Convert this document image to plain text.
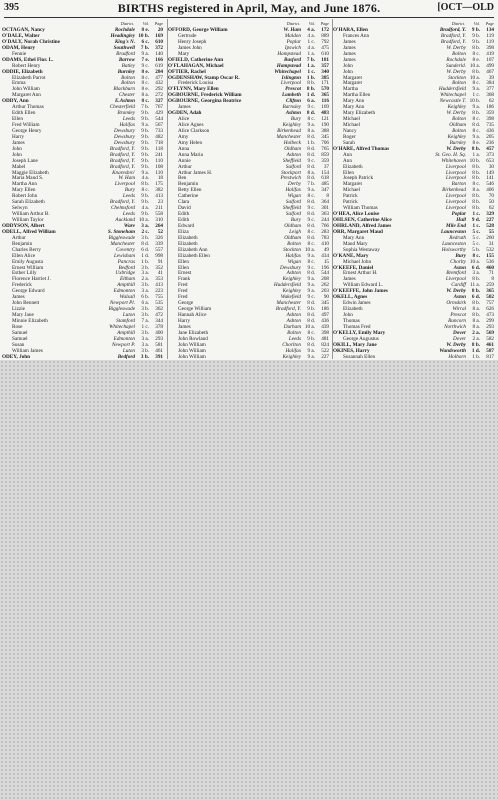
395	BIRTHS registered in April, May, and June 1876.	[OCT—OLD
District. Vol. Page
OCTAGAN, Nancy	Rochdale	8 e.	20
O'DALE, Walter	Headingley 10 b.	169
O'DALY, Norah Christine	King's N.	6 c.	610
ODAM, Henry	Southwell	7 b.	372
Fennie	Bradford	9 a.	140
ODAMS, Ethel Flor. L.	Barrow	7 e.	166
Robert Henry	Batley	9 c.	619
ODDIE, Elizabeth	Burnley	8 e.	284
Elizabeth Parrot	Bolton	8 c.	477
Emma	Bolton	8 c.	432
John William	Blackburn	8 e.	292
Margaret Ann	Chester	8 a.	272
ODDY, Ann	E.Ashton	8 c.	327
Arthur Thomas	Chesterfield	7 b.	767
Edith Ellen	Bramley	9 b.	429
Ellen	Leeds	9 b.	544
Fred William	Halifax	9 a.	567
George Henry	Dewsbury	9 b.	733
Harry	Dewsbury	9 b.	482
James	Dewsbury	9 b.	718
John	Bradford, Y.	9 b.	118
John	Bradford, Y.	9 b.	241
Joseph Lane	Bradford, Y.	9 b.	110
Mabel	Bradford, Y.	9 b.	108
Maggie Elizabeth	Knaresbro'	9 a.	110
Maria Maud S.	W. Ham	4 a.	18
Martha Ann	Liverpool	8 b.	175
Mary Ellen	Bury	8 c.	382
Robert John	Leeds	9 b.	413
Sarah Elizabeth	Bradford, Y.	9 b.	23
Selwyn	Chelmsford	4 a.	211
William Arthur B.	Leeds	9 b.	558
William Taylor	Auckland 10 a.	310
ODDYSON, Albert	Ware	3 a.	264
ODELL, Alfred William	S. Stoneham	2 c.	52
Arthur	Biggleswade	3 b.	326
Benjamin	Manchester	8 d.	339
Charles Berry	Coventry	6 d.	557
Ellen Alice	Lewisham	1 d.	998
Emily Augusta	Pancras	1 b.	91
Ernest William	Bedford	3 b.	352
Esther Lilly	Uxbridge	3 a.	41
Florence Harriet J.	Eltham	2 a.	353
Frederick	Ampthill	3 b.	413
George Edward	Edmonton	3 a.	223
James	Walsall	6 b.	755
John Bennett	Newport Pl.	6 a.	535
Lizzie	Biggleswade	3 b.	362
Mary Jane	Luton	3 b.	472
Minnie Elizabeth	Stamford	7 a.	344
Rose	Whitechapel	1 c.	378
Samuel	Ampthill	3 b.	400
Samuel	Edmonton	3 a.	293
Susan	Newport P.	3 a.	581
William James	Luton	3 b.	461
ODEY, John	Bedford	3 b.	391
District. Vol. Page
OFFORD, George William	W. Ham	4 a.	172
Gertrude	Maldon	4 a.	889
Henry Joseph	Poplar	1 c.	792
James John	Ipswich	4 a.	475
Mary	Hampstead	1 a.	610
OFIELD, Catherine Ann	Basford	7 b.	181
O'FLAHAGAN, Michael	Hampstead	1 a.	357
OFTIER, Rachel	Whitechapel	1 c.	340
OGDENSHAW, Stamp Oscar R.	Islington	1 b.	385
Frederick Louisa	Liverpool	8 b.	171
O'FLYNN, Mary Ellen	Prescot	8 b.	570
OGBOURNE, Frederick William	Lambeth	1 d.	365
OGBOURNE, Georgina Beatrice	Clifton	6 a.	116
James	Barnsley	9 c.	169
OGDEN, Adah	Ashton	8 d.	483
Alice	Bury	8 c.	121
Alice Agnes	Keighley	9 a.	190
Alice Clarkson	Birkenhead	8 a.	388
Amy	Manchester	8 d.	345
Amy Helen	Holbeck	1 b.	706
Anna	Oldham	8 d.	765
Anna Maria	Ashton	8 d.	859
Annie	Sheffield	9 c.	359
Arthur	Salford	8 d.	37
Arthur James H.	Stockport	8 a.	154
Ben	Prestwich	8 d.	618
Benjamin	Derby	7 b.	485
Betty Ellen	Halifax	9 a.	347
Catherine	Wigan	8 c.	8
Clara	Salford	8 d.	364
David	Sheffield	9 c.	301
Edith	Salford	8 d.	363
Edith	Bury	9 c.	244
Edward	Oldham	8 d.	766
Eliza	Leigh	8 c.	283
Elizabeth	Oldham	8 d.	783
Elizabeth	Bolton	8 c.	410
Elizabeth Ann	Stockton 10 a.	49
Elizabeth Ellen	Halifax	9 a.	434
Ellen	Wigan	8 c.	15
Ellen	Dewsbury	9 c.	196
Ernest	Ashton	8 d.	544
Frank	Keighley	9 a.	208
Fred	Huddersfield	9 a.	262
Fred	Keighley	9 a.	203
Fred	Wakefield	9 c.	90
George	Manchester	8 d.	345
George William	Bradford, Y.	9 b.	186
Hannah Alice	Ashton	8 d.	497
Harry	Ashton	8 d.	436
James	Durham 10 a.	439
Jane Elizabeth	Bolton	8 c.	398
John Rowland	Leeds	9 b.	481
John William	Chorlton	8 d.	824
John William	Halifax	9 a.	522
John William	Keighley	9 a.	227
District. Vol. Page
O'HARA, Ellen	Bradford, Y.	9 b.	134
Frances Ann	Bradford, Y.	9 b.	119
James	Bradford, Y.	9 b.	119
James	W. Derby	8 b.	398
James	Bolton	8 c.	419
James	Rochdale	8 e.	107
John	Sunderld. 10 a.	499
John	W. Derby	8 b.	467
Margaret	Stockton 10 a.	39
Margaret	Bolton	8 c.	384
Martha	Huddersfield	9 a.	377
Martha Ellen	Whitechapel	1 c.	368
Mary Ann	Newcastle T. 10 b.	62
Mary Ann	Keighley	9 a.	186
Mary Elizabeth	W. Derby	8 b.	359
Michael	Bolton	8 c.	398
Michael	Oldham	8 d.	735
Nancy	Bolton	8 c.	436
Roger	Keighley	9 a.	205
Sarah	Burnley	8 e.	236
O'HARE, Alfred Thomas	W. Derby	8 b.	457
Ann	St. Geo. H. Sq.	1 a.	373
Ann	Whitehaven 10 b.	653
Elizabeth	Liverpool	8 b.	30
Ellen	Liverpool	8 b.	149
Joseph Patrick	Liverpool	8 b.	141
Margaret	Barton	8 c.	546
Michael	Birkenhead	8 a.	406
Patrick	Liverpool	8 b.	70
Patrick	Liverpool	8 b.	50
William Thomas	Liverpool	8 b.	62
O'HEA, Alice Louise	Poplar	1 c.	329
OHLSEN, Catherine Alice	Hull	9 d.	227
OHRLAND, Alfred James	Mile End	1 c.	528
ORR, Margaret Maud	Launceston	5 c.	55
Mary Ann	Redruth	5 c.	260
Maud Mary	Launceston	5 c.	31
Sophia Westaway	Holsworthy	5 b.	532
O'KANE, Mary	Bury	8 c.	155
Michael John	Chorlty 10 a.	536
O'KEEFE, Daniel	Aston	6 d.	460
Ernest Arthur H.	Brentford	3 a.	71
James	Liverpool	8 b.	8
William Edward L.	Cardiff 11 a.	259
O'KEEFFE, John James	W. Derby	8 b.	365
OKELL, Agnes	Aston	6 d.	502
Edwin James	Ormskirk	8 b.	757
Elizabeth	Wirral	8 a.	626
John	Prescot	8 b.	473
Thomas	Runcorn	8 a.	299
Thomas Fred	Northwich	8 a.	293
O'KELLY, Emily Mary	Dover	2 a.	569
George Augustus	Dover	2 a.	582
OKILL, Mary Jane	W. Derby	8 b.	461
OKINES, Harry	Wandsworth	1 d.	587
Susannah Ellen	Holborn	1 b.	817
